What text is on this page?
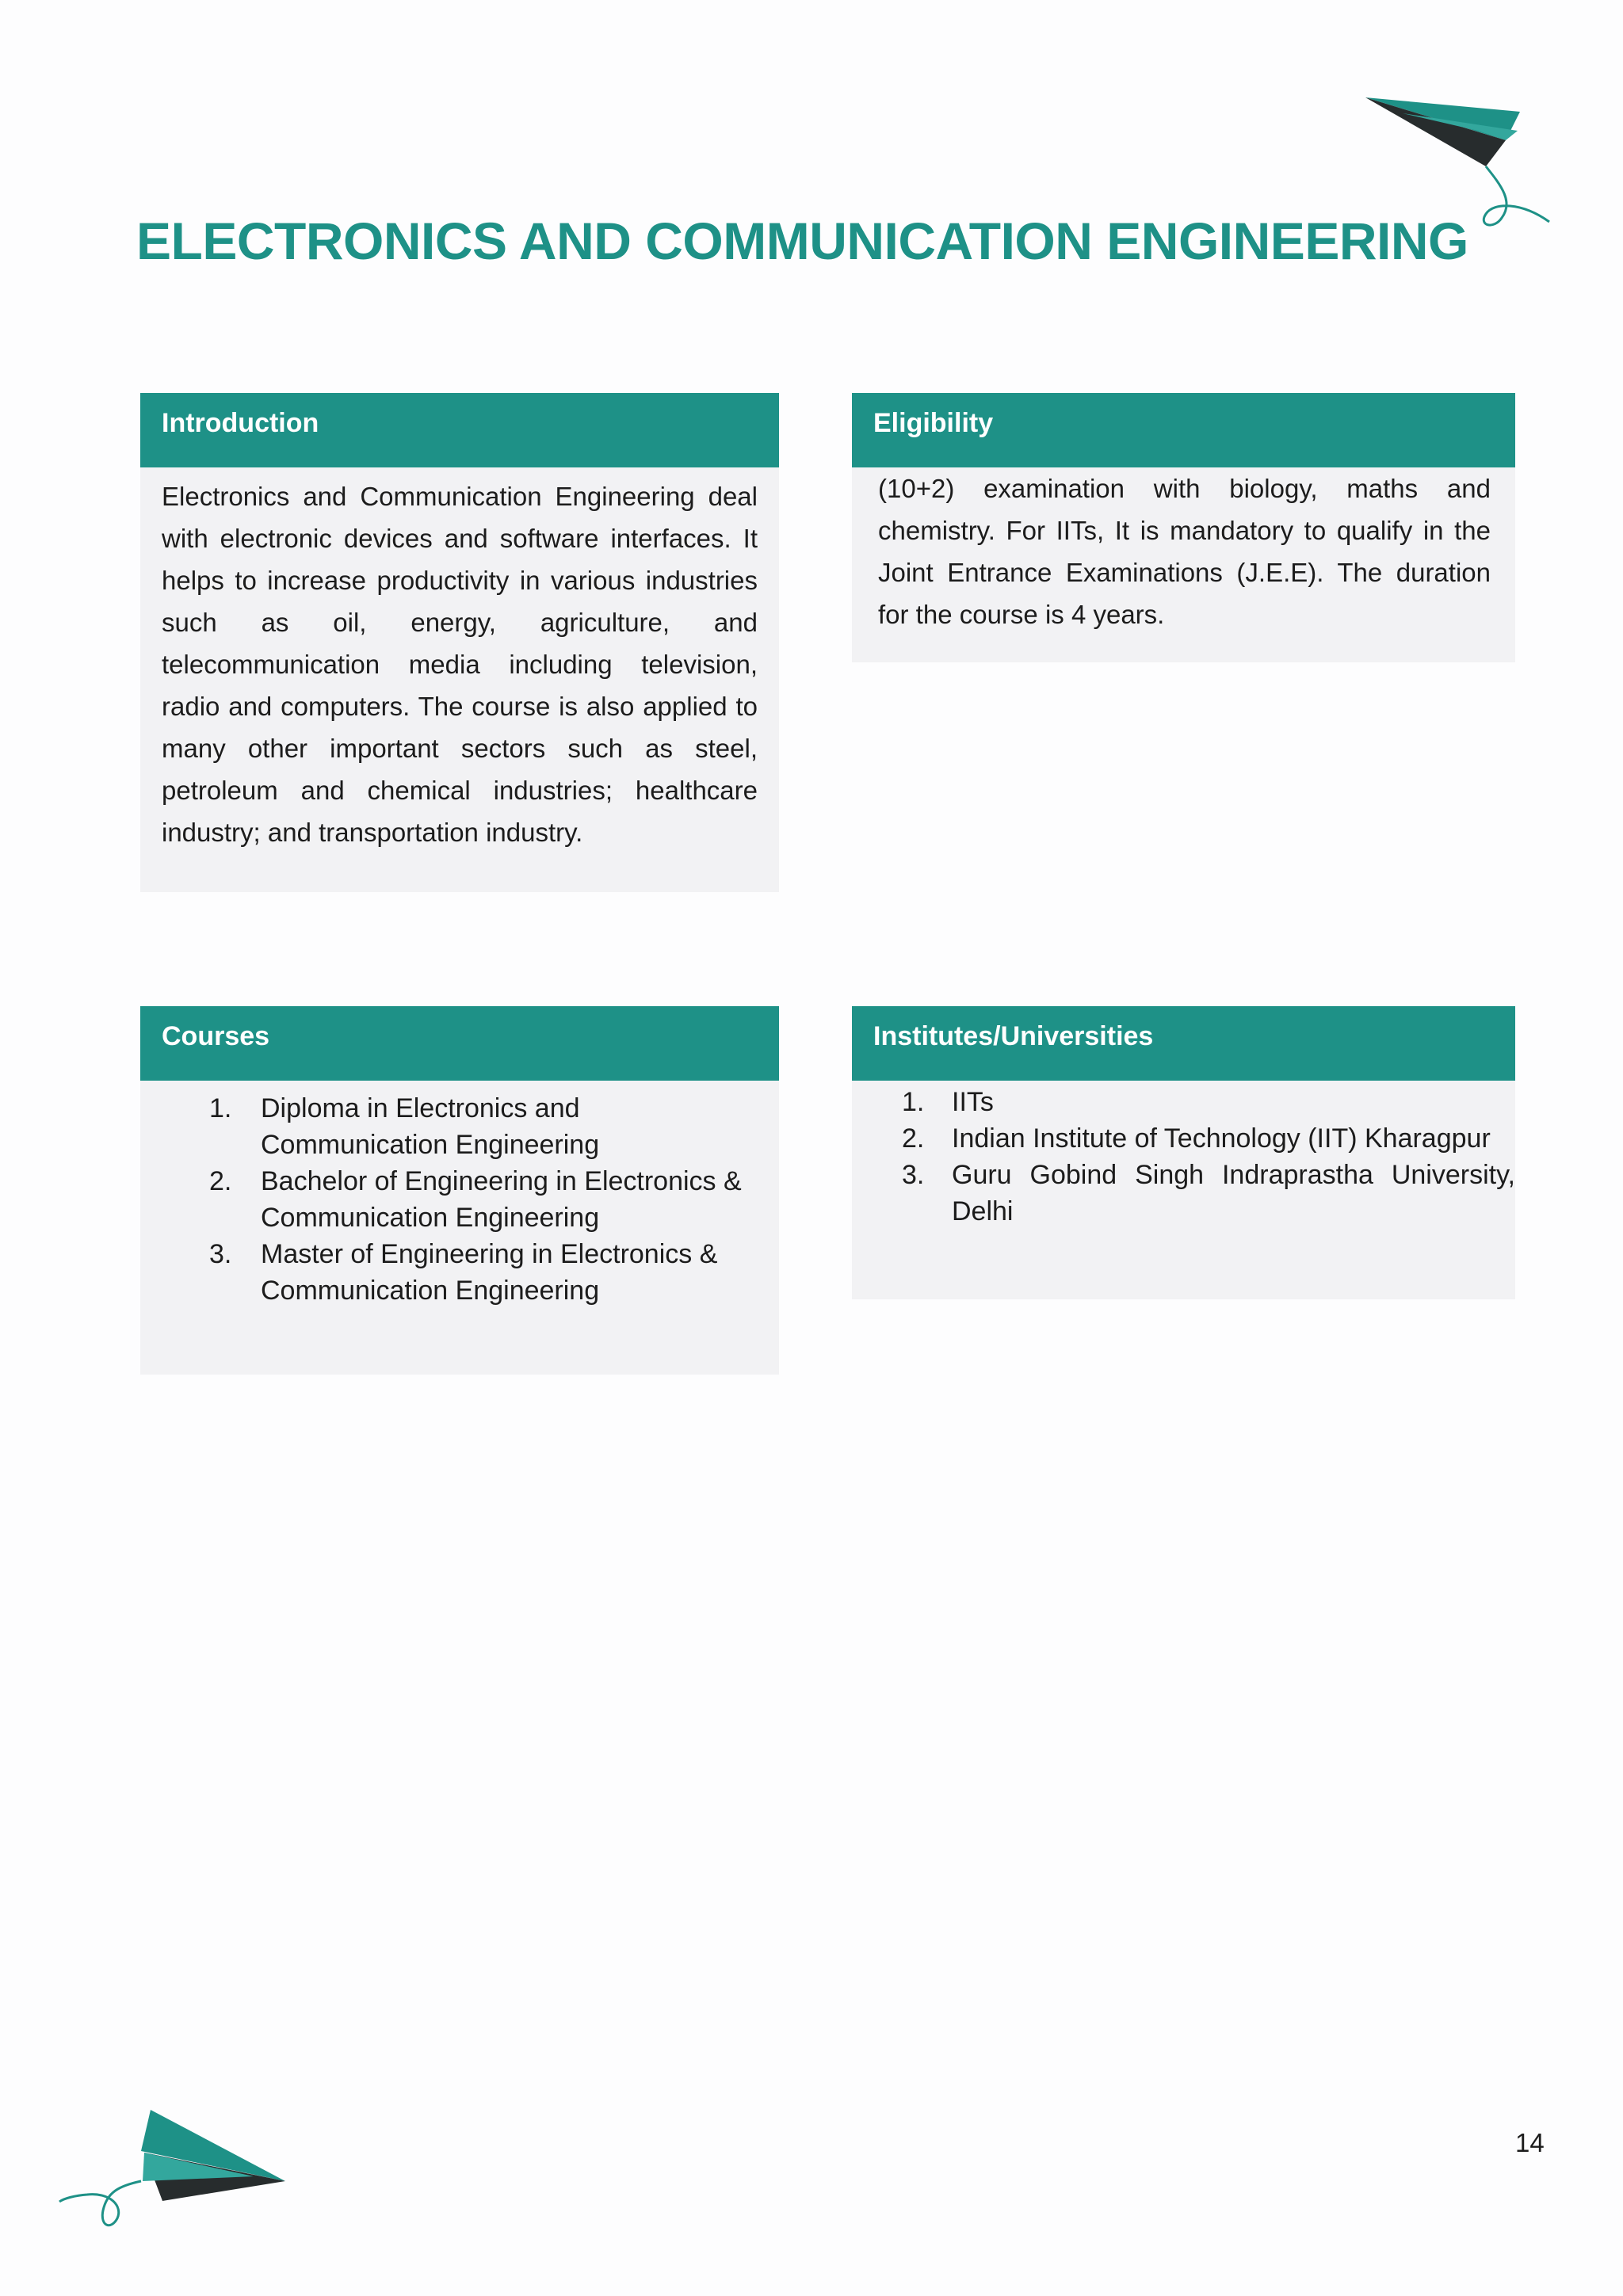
ELECTRONICS AND COMMUNICATION ENGINEERING
Introduction
Electronics and Communication Engineering deal with electronic devices and software interfaces. It helps to increase productivity in various industries such as oil, energy, agriculture, and telecommunication media including television, radio and computers. The course is also applied to many other important sectors such as steel, petroleum and chemical industries; healthcare industry; and transportation industry.
Eligibility
(10+2) examination with biology, maths and chemistry. For IITs, It is mandatory to qualify in the Joint Entrance Examinations (J.E.E). The duration for the course is 4 years.
Courses
1.	Diploma in Electronics and Communication Engineering
2.	Bachelor of Engineering in Electronics & Communication Engineering
3.	Master of Engineering in Electronics & Communication Engineering
Institutes/Universities
1.	IITs
2.	Indian Institute of Technology (IIT) Kharagpur
3.	Guru Gobind Singh Indraprastha University, Delhi
14
